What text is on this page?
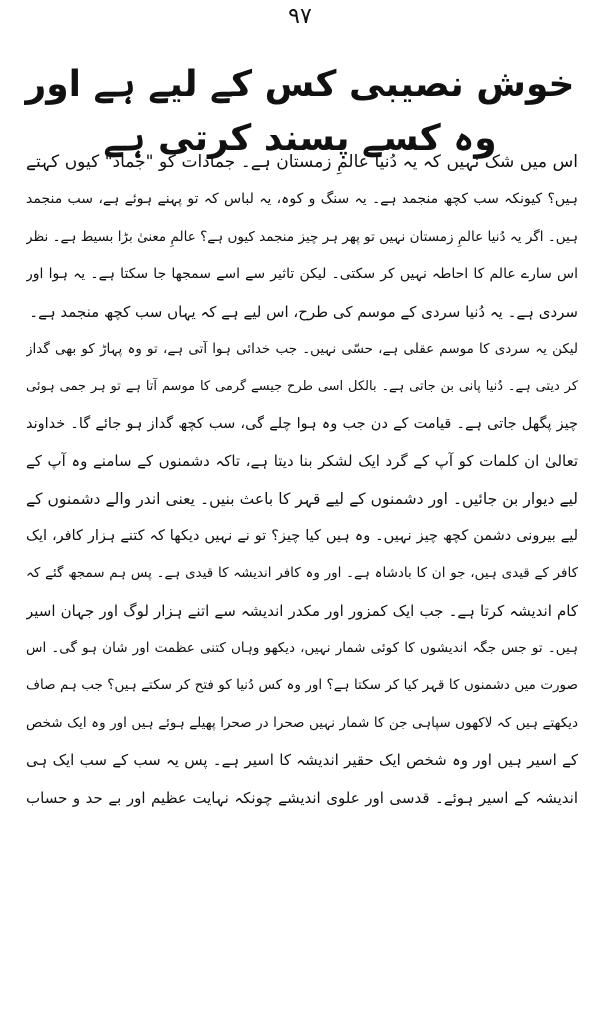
۹۷
خوش نصیبی کس کے لیے ہے اور وہ کسے پسند کرتی ہے
اس میں شک نہیں کہ یہ دُنیا عالمِ زمستان ہے۔ جمادات کو "جماد" کیوں کہتے
ہیں؟ کیونکہ سب کچھ منجمد ہے۔ یہ سنگ و کوہ، یہ لباس کہ تو پہنے ہوئے ہے، سب منجمد
ہیں۔ اگر یہ دُنیا عالمِ زمستان نہیں تو پھر ہر چیز منجمد کیوں ہے؟ عالمِ معنیٰ بڑا بسیط ہے۔ نظر
اس سارے عالم کا احاطہ نہیں کر سکتی۔ لیکن تاثیر سے اسے سمجھا جا سکتا ہے۔ یہ ہوا اور
سردی ہے۔ یہ دُنیا سردی کے موسم کی طرح، اس لیے ہے کہ یہاں سب کچھ منجمد ہے۔
لیکن یہ سردی کا موسم عقلی ہے، حسّی نہیں۔ جب خدائی ہوا آتی ہے، تو وہ پہاڑ کو بھی گداز
کر دیتی ہے۔ دُنیا پانی بن جاتی ہے۔ بالکل اسی طرح جیسے گرمی کا موسم آتا ہے تو ہر جمی ہوئی
چیز پگھل جاتی ہے۔ قیامت کے دن جب وہ ہوا چلے گی، سب کچھ گداز ہو جائے گا۔ خداوند
تعالیٰ ان کلمات کو آپ کے گرد ایک لشکر بنا دیتا ہے، تاکہ دشمنوں کے سامنے وہ آپ کے
لیے دیوار بن جائیں۔ اور دشمنوں کے لیے قہر کا باعث بنیں۔ یعنی اندر والے دشمنوں کے
لیے بیرونی دشمن کچھ چیز نہیں۔ وہ ہیں کیا چیز؟ تو نے نہیں دیکھا کہ کتنے ہزار کافر، ایک
کافر کے قیدی ہیں، جو ان کا بادشاہ ہے۔ اور وہ کافر اندیشہ کا قیدی ہے۔ پس ہم سمجھ گئے کہ
کام اندیشہ کرتا ہے۔ جب ایک کمزور اور مکدر اندیشہ سے اتنے ہزار لوگ اور جہان اسیر
ہیں۔ تو جس جگہ اندیشوں کا کوئی شمار نہیں، دیکھو وہاں کتنی عظمت اور شان ہو گی۔ اس
صورت میں دشمنوں کا قہر کیا کر سکتا ہے؟ اور وہ کس دُنیا کو فتح کر سکتے ہیں؟ جب ہم صاف
دیکھتے ہیں کہ لاکھوں سپاہی جن کا شمار نہیں صحرا در صحرا پھیلے ہوئے ہیں اور وہ ایک شخص
کے اسیر ہیں اور وہ شخص ایک حقیر اندیشہ کا اسیر ہے۔ پس یہ سب کے سب ایک ہی
اندیشہ کے اسیر ہوئے۔ قدسی اور علوی اندیشے چونکہ نہایت عظیم اور بے حد و حساب
